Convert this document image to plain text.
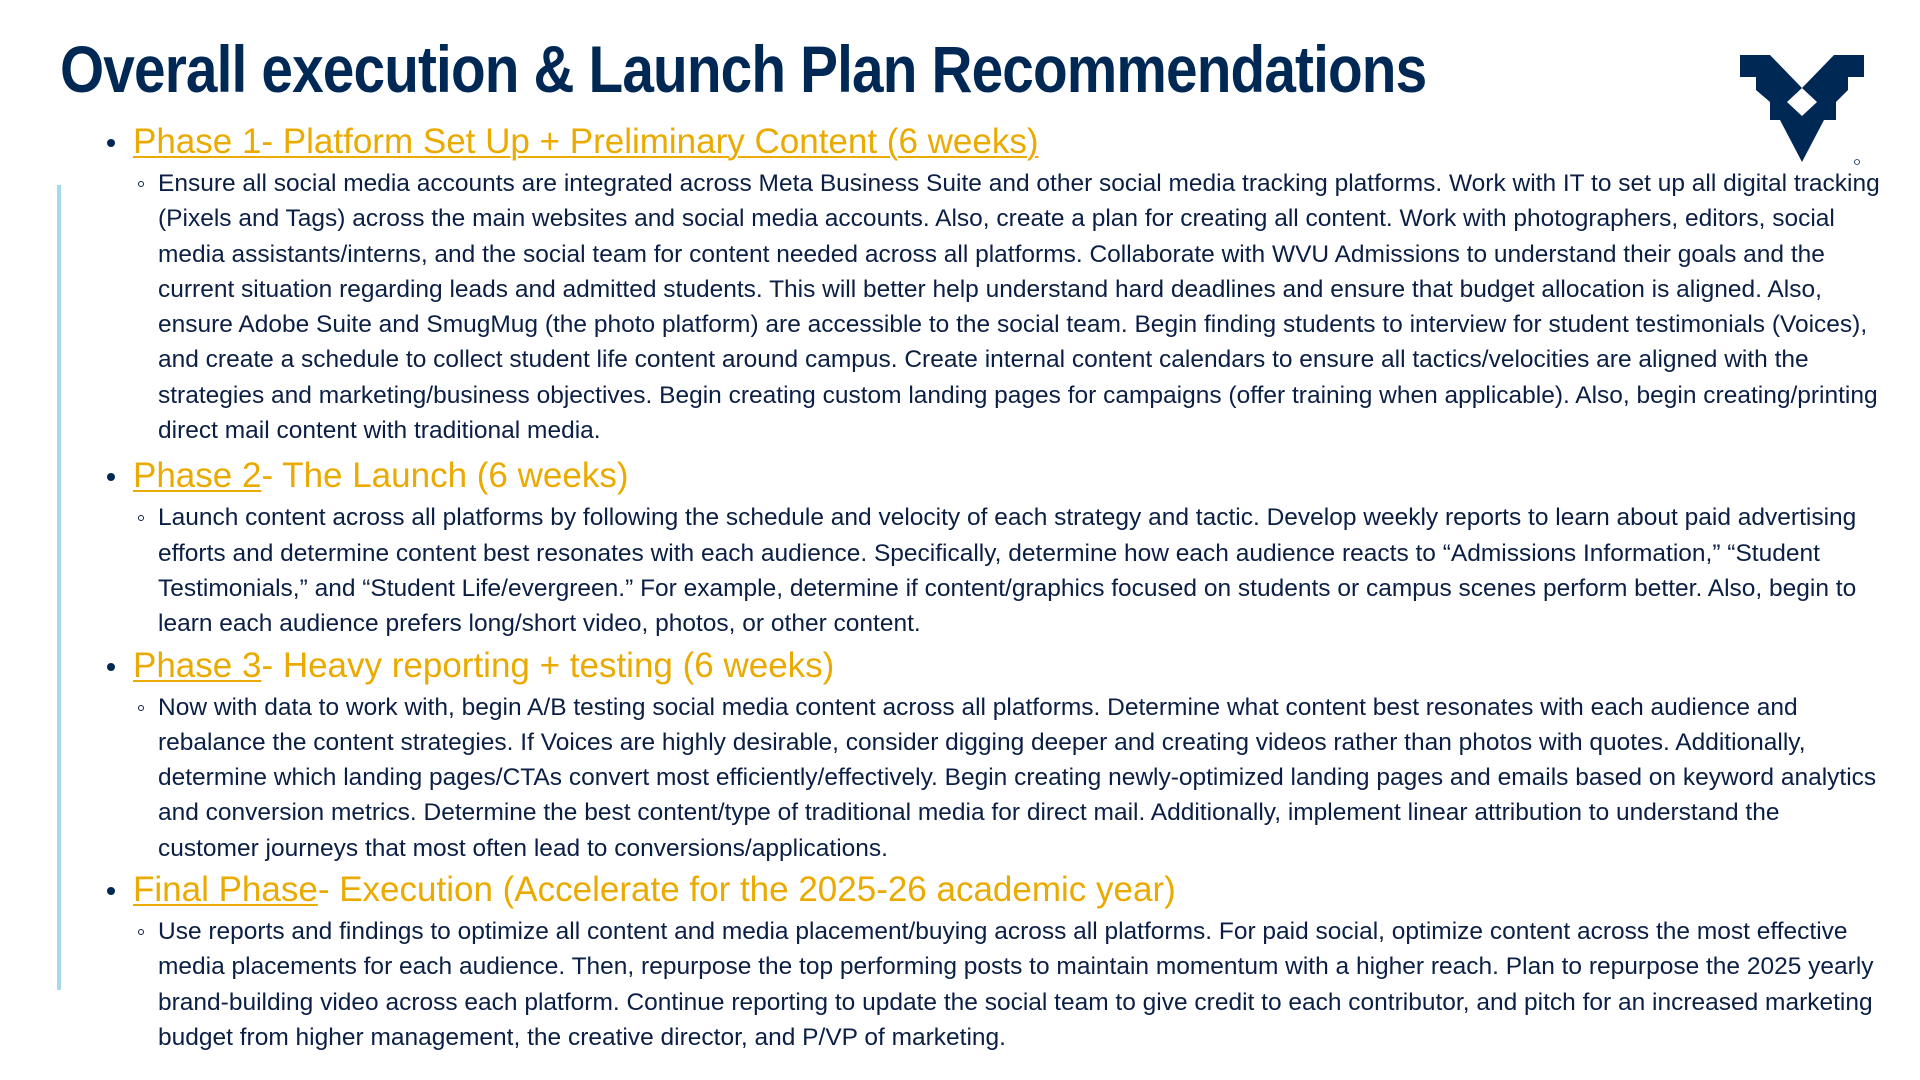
Overall execution & Launch Plan Recommendations
Phase 1- Platform Set Up + Preliminary Content (6 weeks)

Ensure all social media accounts are integrated across Meta Business Suite and other social media tracking platforms. Work with IT to set up all digital tracking (Pixels and Tags) across the main websites and social media accounts. Also, create a plan for creating all content. Work with photographers, editors, social media assistants/interns, and the social team for content needed across all platforms. Collaborate with WVU Admissions to understand their goals and the current situation regarding leads and admitted students. This will better help understand hard deadlines and ensure that budget allocation is aligned. Also, ensure Adobe Suite and SmugMug (the photo platform) are accessible to the social team. Begin finding students to interview for student testimonials (Voices), and create a schedule to collect student life content around campus. Create internal content calendars to ensure all tactics/velocities are aligned with the strategies and marketing/business objectives. Begin creating custom landing pages for campaigns (offer training when applicable). Also, begin creating/printing direct mail content with traditional media.

Phase 2- The Launch (6 weeks)

Launch content across all platforms by following the schedule and velocity of each strategy and tactic. Develop weekly reports to learn about paid advertising efforts and determine content best resonates with each audience. Specifically, determine how each audience reacts to “Admissions Information,” “Student Testimonials,” and “Student Life/evergreen.” For example, determine if content/graphics focused on students or campus scenes perform better. Also, begin to learn each audience prefers long/short video, photos, or other content.

Phase 3- Heavy reporting + testing (6 weeks)

Now with data to work with, begin A/B testing social media content across all platforms. Determine what content best resonates with each audience and rebalance the content strategies. If Voices are highly desirable, consider digging deeper and creating videos rather than photos with quotes. Additionally, determine which landing pages/CTAs convert most efficiently/effectively. Begin creating newly-optimized landing pages and emails based on keyword analytics and conversion metrics. Determine the best content/type of traditional media for direct mail. Additionally, implement linear attribution to understand the customer journeys that most often lead to conversions/applications.

Final Phase- Execution (Accelerate for the 2025-26 academic year)

Use reports and findings to optimize all content and media placement/buying across all platforms. For paid social, optimize content across the most effective media placements for each audience. Then, repurpose the top performing posts to maintain momentum with a higher reach. Plan to repurpose the 2025 yearly brand-building video across each platform. Continue reporting to update the social team to give credit to each contributor, and pitch for an increased marketing budget from higher management, the creative director, and P/VP of marketing.
